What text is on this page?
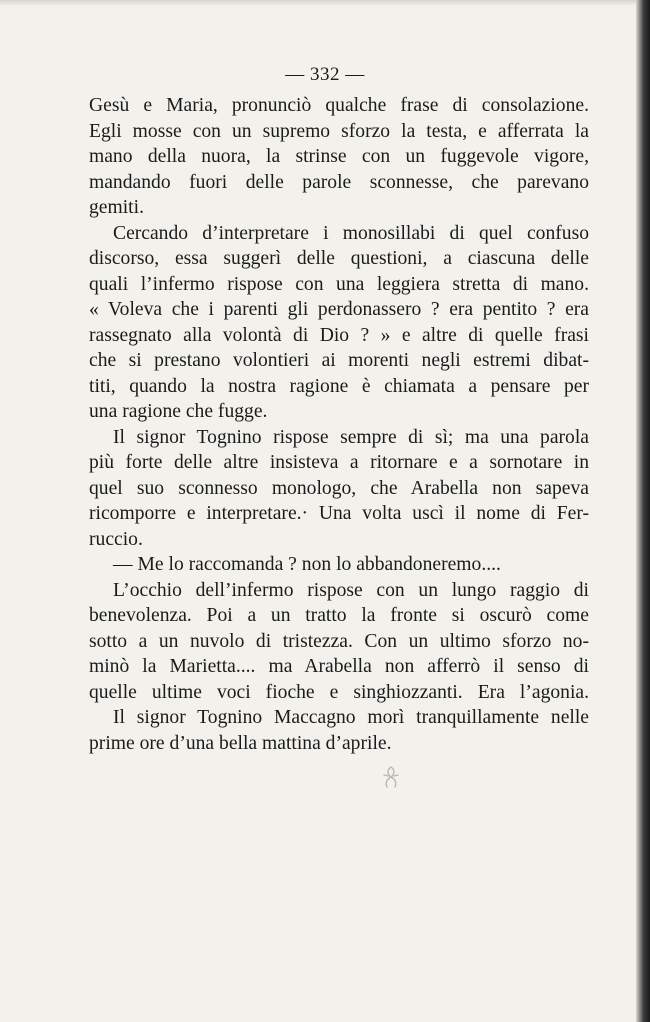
— 332 —
Gesù e Maria, pronunciò qualche frase di consolazione.
Egli mosse con un supremo sforzo la testa, e afferrata la
mano della nuora, la strinse con un fuggevole vigore,
mandando fuori delle parole sconnesse, che parevano
gemiti.
Cercando d’interpretare i monosillabi di quel confuso
discorso, essa suggerì delle questioni, a ciascuna delle
quali l’infermo rispose con una leggiera stretta di mano.
« Voleva che i parenti gli perdonassero ? era pentito ? era
rassegnato alla volontà di Dio ? » e altre di quelle frasi
che si prestano volontieri ai morenti negli estremi dibat-
titi, quando la nostra ragione è chiamata a pensare per
una ragione che fugge.
Il signor Tognino rispose sempre di sì; ma una parola
più forte delle altre insisteva a ritornare e a sornotare in
quel suo sconnesso monologo, che Arabella non sapeva
ricomporre e interpretare.· Una volta uscì il nome di Fer-
ruccio.
— Me lo raccomanda ? non lo abbandoneremo....
L’occhio dell’infermo rispose con un lungo raggio di
benevolenza. Poi a un tratto la fronte si oscurò come
sotto a un nuvolo di tristezza. Con un ultimo sforzo no-
minò la Marietta.... ma Arabella non afferrò il senso di
quelle ultime voci fioche e singhiozzanti. Era l’agonia.
Il signor Tognino Maccagno morì tranquillamente nelle
prime ore d’una bella mattina d’aprile.
